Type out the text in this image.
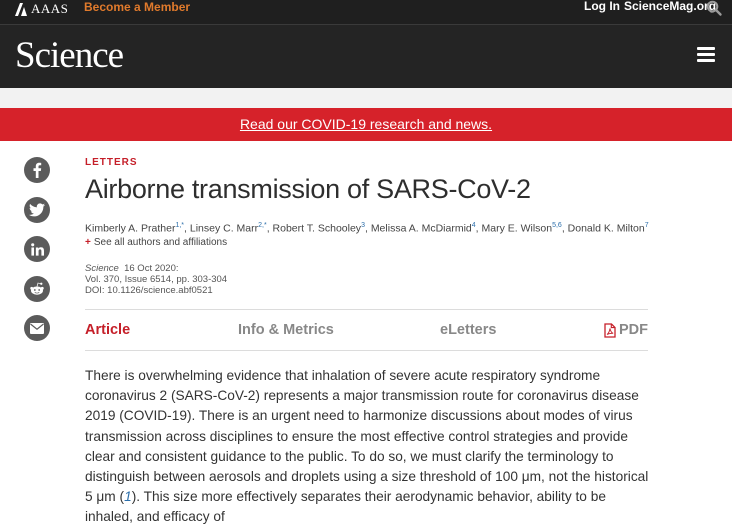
AAAS Become a Member	Log In ScienceMag.org
Science
Read our COVID-19 research and news.
LETTERS
Airborne transmission of SARS-CoV-2
Kimberly A. Prather$^{1,*}$, Linsey C. Marr$^{2,*}$, Robert T. Schooley$^3$, Melissa A. McDiarmid$^4$, Mary E. Wilson$^{5,6}$, Donald K. Milton$^7$
+ See all authors and affiliations
Science 16 Oct 2020:
Vol. 370, Issue 6514, pp. 303-304
DOI: 10.1126/science.abf0521
Article	Info & Metrics	eLetters	PDF

There is overwhelming evidence that inhalation of severe acute respiratory syndrome coronavirus 2 (SARS-CoV-2) represents a major transmission route for coronavirus disease 2019 (COVID-19). There is an urgent need to harmonize discussions about modes of virus transmission across disciplines to ensure the most effective control strategies and provide clear and consistent guidance to the public. To do so, we must clarify the terminology to distinguish between aerosols and droplets using a size threshold of 100 μm, not the historical 5 μm (1). This size more effectively separates their aerodynamic behavior, ability to be inhaled, and efficacy of
